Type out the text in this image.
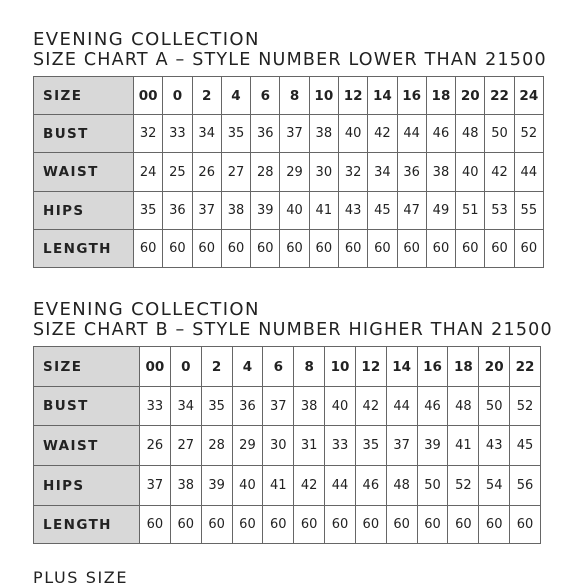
EVENING COLLECTION
SIZE CHART A – STYLE NUMBER LOWER THAN 21500
SIZE	00	0	2	4	6	8	10	12	14	16	18	20	22	24
BUST	32	33	34	35	36	37	38	40	42	44	46	48	50	52
WAIST	24	25	26	27	28	29	30	32	34	36	38	40	42	44
HIPS	35	36	37	38	39	40	41	43	45	47	49	51	53	55
LENGTH	60	60	60	60	60	60	60	60	60	60	60	60	60	60
EVENING COLLECTION
SIZE CHART B – STYLE NUMBER HIGHER THAN 21500
SIZE	00	0	2	4	6	8	10	12	14	16	18	20	22
BUST	33	34	35	36	37	38	40	42	44	46	48	50	52
WAIST	26	27	28	29	30	31	33	35	37	39	41	43	45
HIPS	37	38	39	40	41	42	44	46	48	50	52	54	56
LENGTH	60	60	60	60	60	60	60	60	60	60	60	60	60
PLUS SIZE
